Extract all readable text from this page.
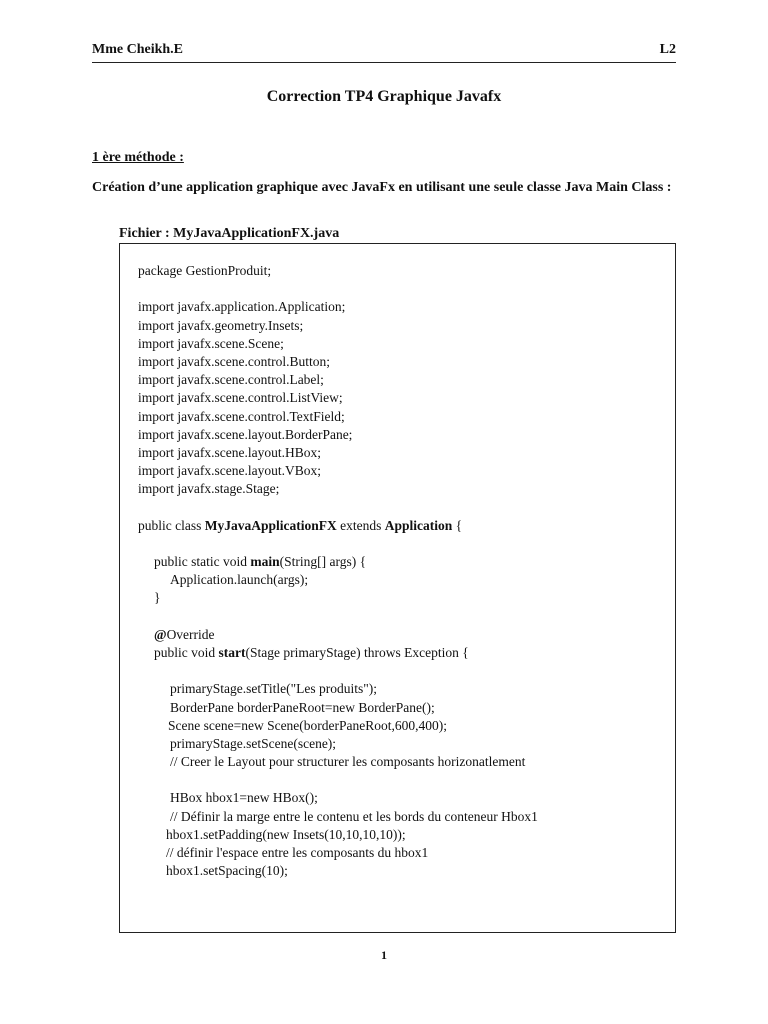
Mme Cheikh.E	L2
Correction TP4 Graphique Javafx
1 ère méthode :
Création d’une application graphique avec JavaFx en utilisant une seule classe Java Main Class :
Fichier : MyJavaApplicationFX.java
package GestionProduit;
import javafx.application.Application;
import javafx.geometry.Insets;
import javafx.scene.Scene;
import javafx.scene.control.Button;
import javafx.scene.control.Label;
import javafx.scene.control.ListView;
import javafx.scene.control.TextField;
import javafx.scene.layout.BorderPane;
import javafx.scene.layout.HBox;
import javafx.scene.layout.VBox;
import javafx.stage.Stage;
public class MyJavaApplicationFX extends Application {
public static void main(String[] args) {
Application.launch(args);
}
@Override
public void start(Stage primaryStage) throws Exception {
primaryStage.setTitle("Les produits");
BorderPane borderPaneRoot=new BorderPane();
Scene scene=new Scene(borderPaneRoot,600,400);
primaryStage.setScene(scene);
// Creer le Layout pour structurer les composants horizonatlement
HBox hbox1=new HBox();
// Définir la marge entre le contenu et les bords du conteneur Hbox1
hbox1.setPadding(new Insets(10,10,10,10));
// définir l'espace entre les composants du hbox1
hbox1.setSpacing(10);
1
